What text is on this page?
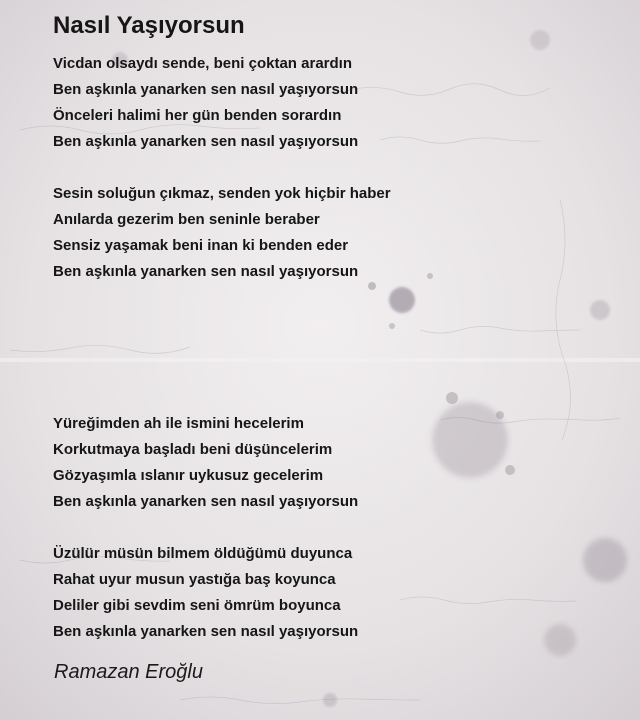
Nasıl Yaşıyorsun
Vicdan olsaydı sende, beni çoktan arardın
Ben aşkınla yanarken sen nasıl yaşıyorsun
Önceleri halimi her gün benden sorardın
Ben aşkınla yanarken sen nasıl yaşıyorsun
Sesin soluğun çıkmaz, senden yok hiçbir haber
Anılarda gezerim ben seninle beraber
Sensiz yaşamak beni inan ki benden eder
Ben aşkınla yanarken sen nasıl yaşıyorsun
Yüreğimden ah ile ismini hecelerim
Korkutmaya başladı beni düşüncelerim
Gözyaşımla ıslanır uykusuz gecelerim
Ben aşkınla yanarken sen nasıl yaşıyorsun
Üzülür müsün bilmem öldüğümü duyunca
Rahat uyur musun yastığa baş koyunca
Deliler gibi sevdim seni ömrüm boyunca
Ben aşkınla yanarken sen nasıl yaşıyorsun

Ramazan Eroğlu
